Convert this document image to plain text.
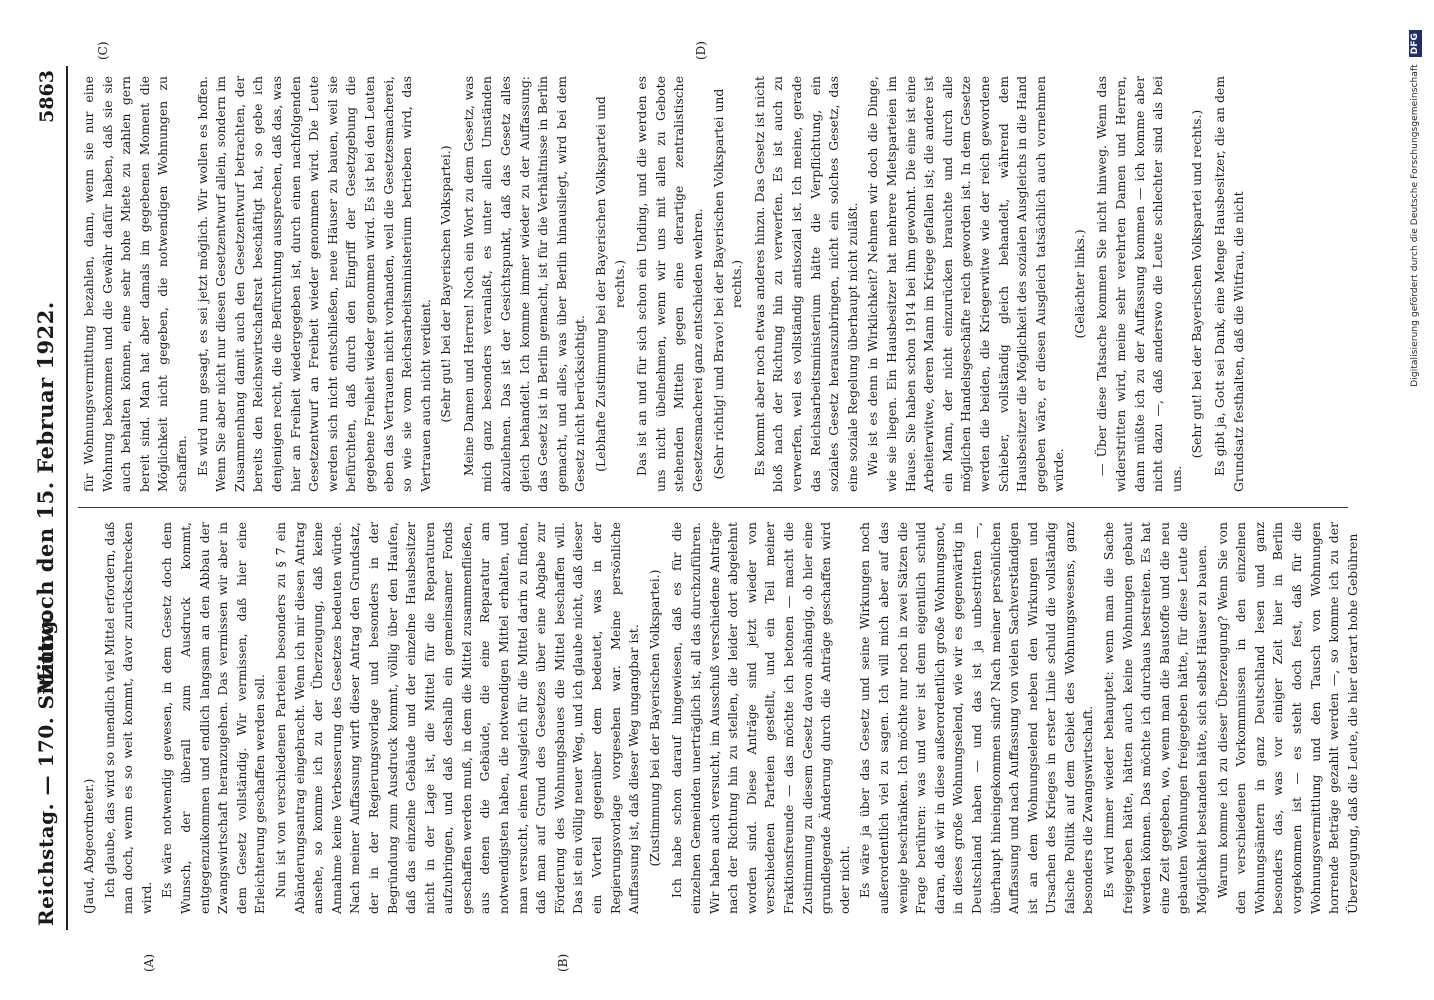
Reichstag. — 170. Sitzung.
Mittwoch den 15. Februar 1922.
5863
(A)	(B)
(C)	(D)

(Jaud, Abgeordneter.) Ich glaube, das wird so unendlich viel Mittel erfordern, daß man doch, wenn es so weit kommt, davor zurückschrecken wird. Es wäre notwendig gewesen, in dem Gesetz doch dem Wunsch, der überall zum Ausdruck kommt, entgegenzukommen und endlich langsam an den Abbau der Zwangswirtschaft heranzugehen. Das vermissen wir aber in dem Gesetz vollständig. Wir vermissen, daß hier eine Erleichterung geschaffen werden soll. Nun ist von verschiedenen Parteien besonders zu § 7 ein Abänderungsantrag eingebracht. Wenn ich mir diesen Antrag ansehe, so komme ich zu der Überzeugung, daß keine Annahme keine Verbesserung des Gesetzes bedeuten würde. Nach meiner Auffassung wirft dieser Antrag den Grundsatz, der in der Regierungsvorlage und besonders in der Begründung zum Ausdruck kommt, völlig über den Haufen, daß das einzelne Gebäude und der einzelne Hausbesitzer nicht in der Lage ist, die Mittel für die Reparaturen aufzubringen, und daß deshalb ein gemeinsamer Fonds geschaffen werden muß, in dem die Mittel zusammenfließen, aus denen die Gebäude, die eine Reparatur am notwendigsten haben, die notwendigen Mittel erhalten, und man versucht, einen Ausgleich für die Mittel darin zu finden, daß man auf Grund des Gesetzes über eine Abgabe zur Förderung des Wohnungsbaues die Mittel beschaffen will. Das ist ein völlig neuer Weg, und ich glaube nicht, daß dieser ein Vorteil gegenüber dem bedeutet, was in der Regierungsvorlage vorgesehen war. Meine persönliche Auffassung ist, daß dieser Weg ungangbar ist. (Zustimmung bei der Bayerischen Volkspartei.) Ich habe schon darauf hingewiesen, daß es für die einzelnen Gemeinden unerträglich ist, all das durchzuführen. Wir haben auch versucht, im Ausschuß verschiedene Anträge nach der Richtung hin zu stellen, die leider dort abgelehnt worden sind. Diese Anträge sind jetzt wieder von verschiedenen Parteien gestellt, und ein Teil meiner Fraktionsfreunde — das möchte ich betonen — macht die Zustimmung zu diesem Gesetz davon abhängig, ob hier eine grundlegende Änderung durch die Anträge geschaffen wird oder nicht. Es wäre ja über das Gesetz und seine Wirkungen noch außerordentlich viel zu sagen. Ich will mich aber auf das wenige beschränken. Ich möchte nur noch in zwei Sätzen die Frage berühren: was und wer ist denn eigentlich schuld daran, daß wir in diese außerordentlich große Wohnungsnot, in dieses große Wohnungselend, wie wir es gegenwärtig in Deutschland haben — und das ist ja unbestritten —, überhaupt hineingekommen sind? Nach meiner persönlichen Auffassung und nach Auffassung von vielen Sachverständigen ist an dem Wohnungselend neben den Wirkungen und Ursachen des Krieges in erster Linie schuld die vollständig falsche Politik auf dem Gebiet des Wohnungswesens, ganz besonders die Zwangswirtschaft. Es wird immer wieder behauptet: wenn man die Sache freigegeben hätte, hätten auch keine Wohnungen gebaut werden können. Das möchte ich durchaus bestreiten. Es hat eine Zeit gegeben, wo, wenn man die Baustoffe und die neu gebauten Wohnungen freigegeben hätte, für diese Leute die Möglichkeit bestanden hätte, sich selbst Häuser zu bauen. Warum komme ich zu dieser Überzeugung? Wenn Sie von den verschiedenen Vorkommnissen in den einzelnen Wohnungsämtern in ganz Deutschland lesen und ganz besonders das, was vor einiger Zeit hier in Berlin vorgekommen ist — es steht doch fest, daß für die Wohnungsvermittlung und den Tausch von Wohnungen horrende Beträge gezahlt werden —, so komme ich zu der Überzeugung, daß die Leute, die hier derart hohe Gebühren

für Wohnungsvermittlung bezahlen, dann, wenn sie nur eine Wohnung bekommen und die Gewähr dafür haben, daß sie sie auch behalten können, eine sehr hohe Miete zu zahlen gern bereit sind. Man hat aber damals im gegebenen Moment die Möglichkeit nicht gegeben, die notwendigen Wohnungen zu schaffen. Es wird nun gesagt, es sei jetzt möglich. Wir wollen es hoffen. Wenn Sie aber nicht nur diesen Gesetzentwurf allein, sondern im Zusammenhang damit auch den Gesetzentwurf betrachten, der bereits den Reichswirtschaftsrat beschäftigt hat, so gebe ich denjenigen recht, die die Befürchtung aussprechen, daß das, was hier an Freiheit wiedergegeben ist, durch einen nachfolgenden Gesetzentwurf an Freiheit wieder genommen wird. Die Leute werden sich nicht entschließen, neue Häuser zu bauen, weil sie befürchten, daß durch den Eingriff der Gesetzgebung die gegebene Freiheit wieder genommen wird. Es ist bei den Leuten eben das Vertrauen nicht vorhanden, weil die Gesetzesmacherei, so wie sie vom Reichsarbeitsministerium betrieben wird, das Vertrauen auch nicht verdient. (Sehr gut! bei der Bayerischen Volkspartei.) Meine Damen und Herren! Noch ein Wort zu dem Gesetz, was mich ganz besonders veranlaßt, es unter allen Umständen abzulehnen. Das ist der Gesichtspunkt, daß das Gesetz alles gleich behandelt. Ich komme immer wieder zu der Auffassung: das Gesetz ist in Berlin gemacht, ist für die Verhältnisse in Berlin gemacht, und alles, was über Berlin hinausliegt, wird bei dem Gesetz nicht berücksichtigt. (Lebhafte Zustimmung bei der Bayerischen Volkspartei und rechts.) Das ist an und für sich schon ein Unding, und die werden es uns nicht übelnehmen, wenn wir uns mit allen zu Gebote stehenden Mitteln gegen eine derartige zentralistische Gesetzesmacherei ganz entschieden wehren. (Sehr richtig! und Bravo! bei der Bayerischen Volkspartei und rechts.) Es kommt aber noch etwas anderes hinzu. Das Gesetz ist nicht bloß nach der Richtung hin zu verwerfen. Es ist auch zu verwerfen, weil es vollständig antisozial ist. Ich meine, gerade das Reichsarbeitsministerium hätte die Verpflichtung, ein soziales Gesetz herauszubringen, nicht ein solches Gesetz, das eine soziale Regelung überhaupt nicht zuläßt. Wie ist es denn in Wirklichkeit? Nehmen wir doch die Dinge, wie sie liegen. Ein Hausbesitzer hat mehrere Mietsparteien im Hause. Sie haben schon 1914 bei ihm gewohnt. Die eine ist eine Arbeiterwitwe, deren Mann im Kriege gefallen ist; die andere ist ein Mann, der nicht einzurücken brauchte und durch alle möglichen Handelsgeschäfte reich geworden ist. In dem Gesetze werden die beiden, die Kriegerwitwe wie der reich gewordene Schieber, vollständig gleich behandelt, während dem Hausbesitzer die Möglichkeit des sozialen Ausgleichs in die Hand gegeben wäre, er diesen Ausgleich tatsächlich auch vornehmen würde.

(Gelächter links.) — Über diese Tatsache kommen Sie nicht hinweg. Wenn das widerstritten wird, meine sehr verehrten Damen und Herren, dann müßte ich zu der Auffassung kommen — ich komme aber nicht dazu —, daß anderswo die Leute schlechter sind als bei uns.

(Sehr gut! bei der Bayerischen Volkspartei und rechts.) Es gibt ja, Gott sei Dank, eine Menge Hausbesitzer, die an dem Grundsatz festhalten, daß die Witfrau, die nicht	Digitalisierung gefördert durch die Deutsche Forschungsgemeinschaft DFG
